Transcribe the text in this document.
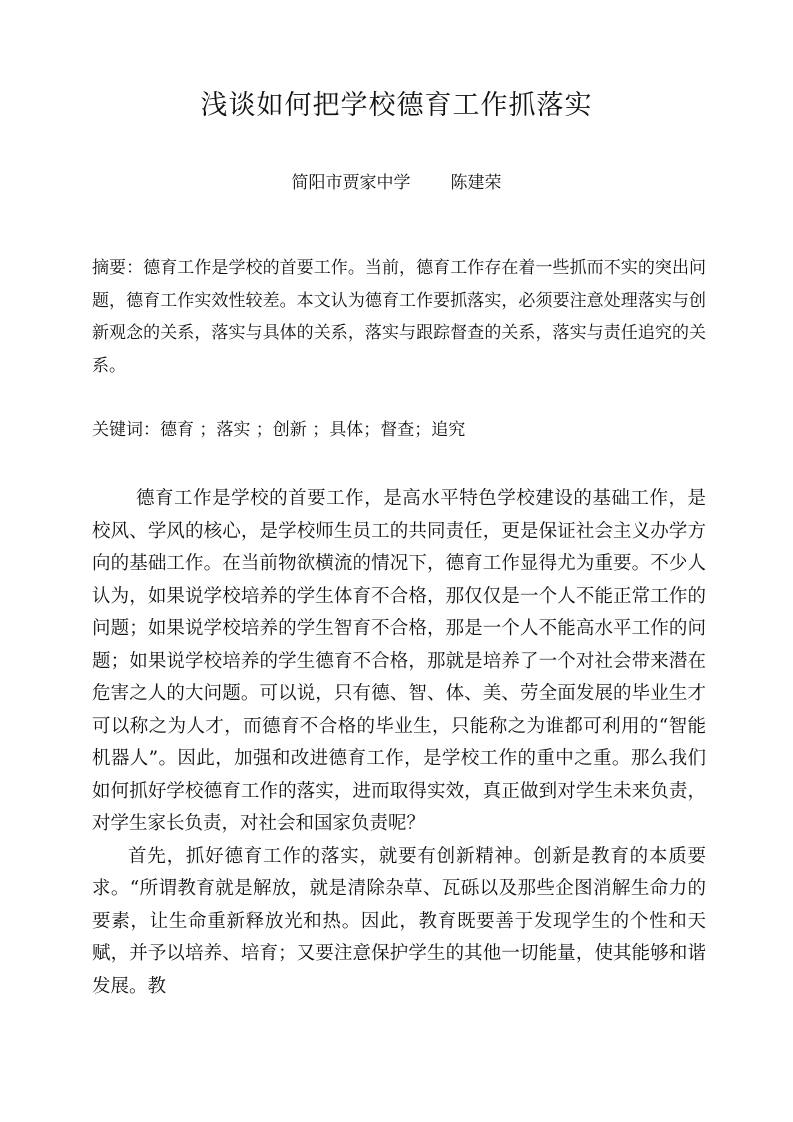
浅谈如何把学校德育工作抓落实
简阳市贾家中学 陈建荣

摘要：德育工作是学校的首要工作。当前，德育工作存在着一些抓而不实的突出问题，德育工作实效性较差。本文认为德育工作要抓落实，必须要注意处理落实与创新观念的关系，落实与具体的关系，落实与跟踪督查的关系，落实与责任追究的关系。

关键词：德育 ；落实 ；创新 ；具体；督查；追究

德育工作是学校的首要工作，是高水平特色学校建设的基础工作，是校风、学风的核心，是学校师生员工的共同责任，更是保证社会主义办学方向的基础工作。在当前物欲横流的情况下，德育工作显得尤为重要。不少人认为，如果说学校培养的学生体育不合格，那仅仅是一个人不能正常工作的问题；如果说学校培养的学生智育不合格，那是一个人不能高水平工作的问题；如果说学校培养的学生德育不合格，那就是培养了一个对社会带来潜在危害之人的大问题。可以说，只有德、智、体、美、劳全面发展的毕业生才可以称之为人才，而德育不合格的毕业生，只能称之为谁都可利用的“智能机器人”。因此，加强和改进德育工作，是学校工作的重中之重。那么我们如何抓好学校德育工作的落实，进而取得实效，真正做到对学生未来负责，对学生家长负责，对社会和国家负责呢？

首先，抓好德育工作的落实，就要有创新精神。创新是教育的本质要求。“所谓教育就是解放，就是清除杂草、瓦砾以及那些企图消解生命力的要素，让生命重新释放光和热。因此，教育既要善于发现学生的个性和天赋，并予以培养、培育；又要注意保护学生的其他一切能量，使其能够和谐发展。教
